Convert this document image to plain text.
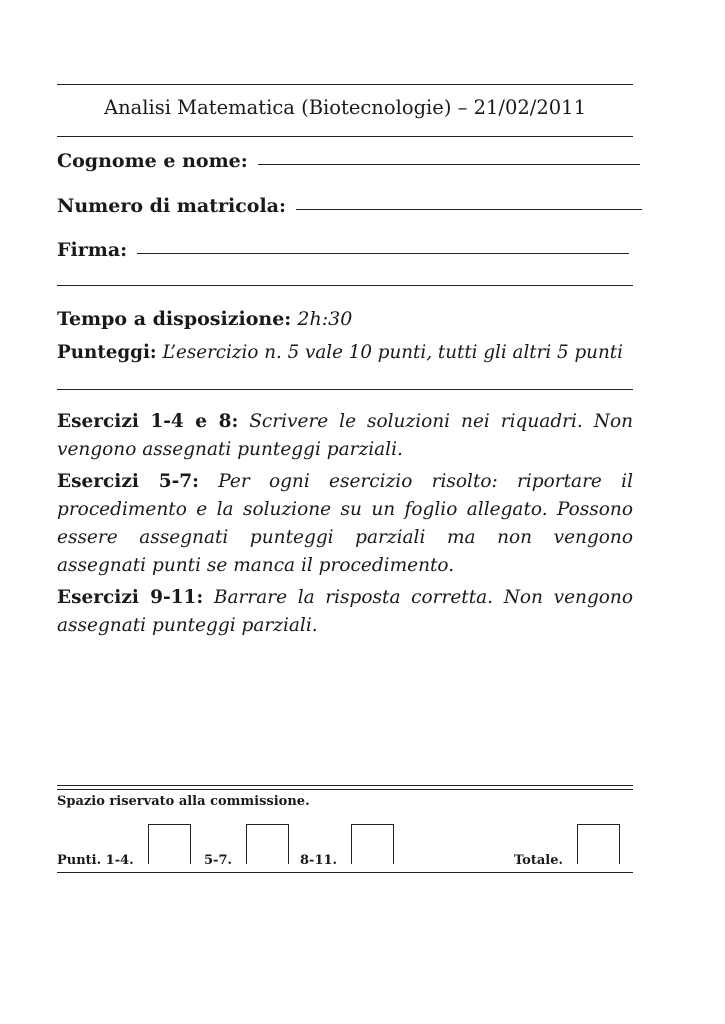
Analisi Matematica (Biotecnologie) – 21/02/2011
Cognome e nome:
Numero di matricola:
Firma:
Tempo a disposizione: 2h:30
Punteggi: L’esercizio n. 5 vale 10 punti, tutti gli altri 5 punti
Esercizi 1-4 e 8: Scrivere le soluzioni nei riquadri. Non vengono assegnati punteggi parziali.
Esercizi 5-7: Per ogni esercizio risolto: riportare il procedimento e la soluzione su un foglio allegato. Possono essere assegnati punteggi parziali ma non vengono assegnati punti se manca il procedimento.
Esercizi 9-11: Barrare la risposta corretta. Non vengono assegnati punteggi parziali.
Spazio riservato alla commissione.
Punti. 1-4.	5-7.	8-11.	Totale.
